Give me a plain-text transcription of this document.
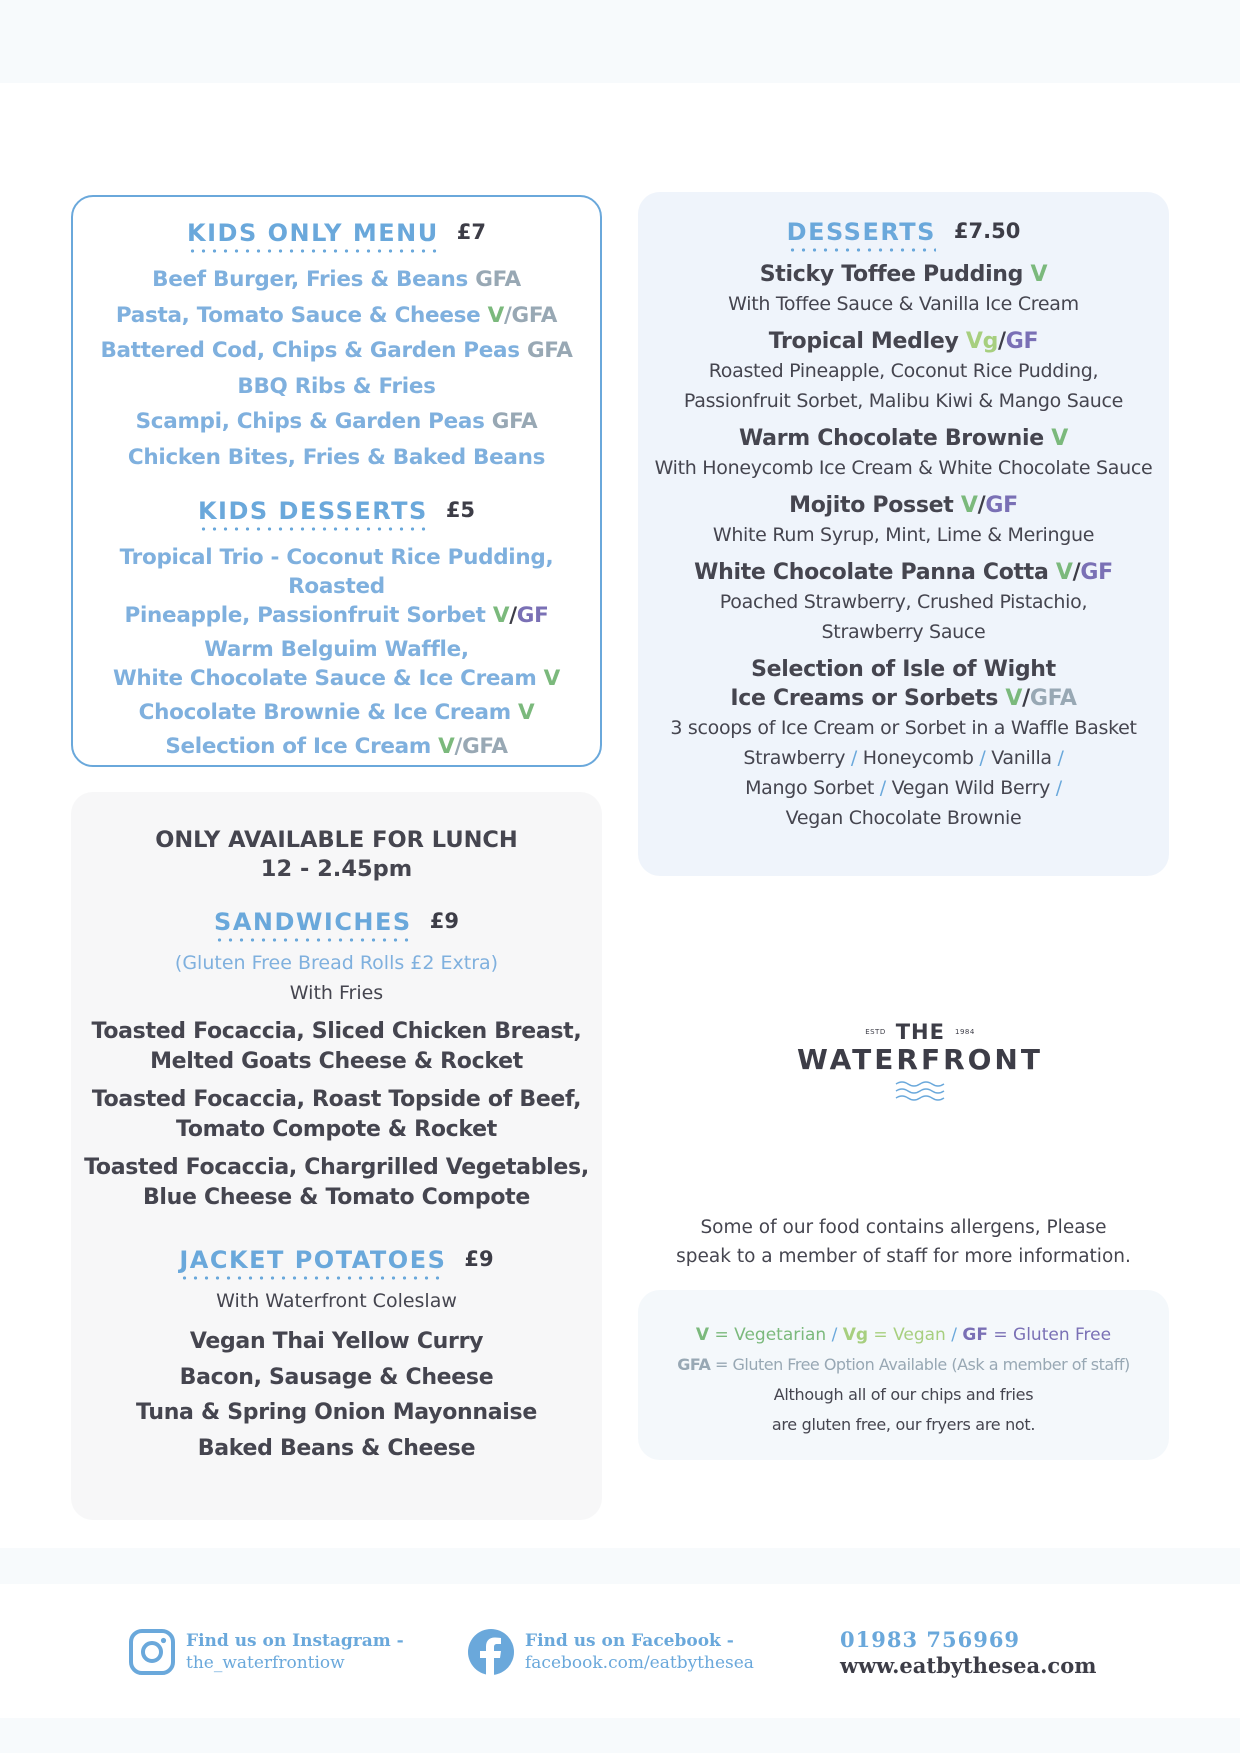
KIDS ONLY MENU £7
Beef Burger, Fries & Beans GFA
Pasta, Tomato Sauce & Cheese V/GFA
Battered Cod, Chips & Garden Peas GFA
BBQ Ribs & Fries
Scampi, Chips & Garden Peas GFA
Chicken Bites, Fries & Baked Beans
KIDS DESSERTS £5
Tropical Trio - Coconut Rice Pudding, Roasted
Pineapple, Passionfruit Sorbet V/GF
Warm Belguim Waffle,
White Chocolate Sauce & Ice Cream V
Chocolate Brownie & Ice Cream V
Selection of Ice Cream V/GFA
ONLY AVAILABLE FOR LUNCH
12 - 2.45pm
SANDWICHES £9
(Gluten Free Bread Rolls £2 Extra)
With Fries
Toasted Focaccia, Sliced Chicken Breast,
Melted Goats Cheese & Rocket
Toasted Focaccia, Roast Topside of Beef,
Tomato Compote & Rocket
Toasted Focaccia, Chargrilled Vegetables,
Blue Cheese & Tomato Compote
JACKET POTATOES £9
With Waterfront Coleslaw
Vegan Thai Yellow Curry
Bacon, Sausage & Cheese
Tuna & Spring Onion Mayonnaise
Baked Beans & Cheese
DESSERTS £7.50
Sticky Toffee Pudding V
With Toffee Sauce & Vanilla Ice Cream
Tropical Medley Vg/GF
Roasted Pineapple, Coconut Rice Pudding,
Passionfruit Sorbet, Malibu Kiwi & Mango Sauce
Warm Chocolate Brownie V
With Honeycomb Ice Cream & White Chocolate Sauce
Mojito Posset V/GF
White Rum Syrup, Mint, Lime & Meringue
White Chocolate Panna Cotta V/GF
Poached Strawberry, Crushed Pistachio,
Strawberry Sauce
Selection of Isle of Wight
Ice Creams or Sorbets V/GFA
3 scoops of Ice Cream or Sorbet in a Waffle Basket
Strawberry / Honeycomb / Vanilla /
Mango Sorbet / Vegan Wild Berry /
Vegan Chocolate Brownie
ESTD THE 1984
WATERFRONT
Some of our food contains allergens, Please
speak to a member of staff for more information.
V = Vegetarian / Vg = Vegan / GF = Gluten Free
GFA = Gluten Free Option Available (Ask a member of staff)
Although all of our chips and fries
are gluten free, our fryers are not.
Find us on Instagram -
the_waterfrontiow
Find us on Facebook -
facebook.com/eatbythesea
01983 756969
www.eatbythesea.com
